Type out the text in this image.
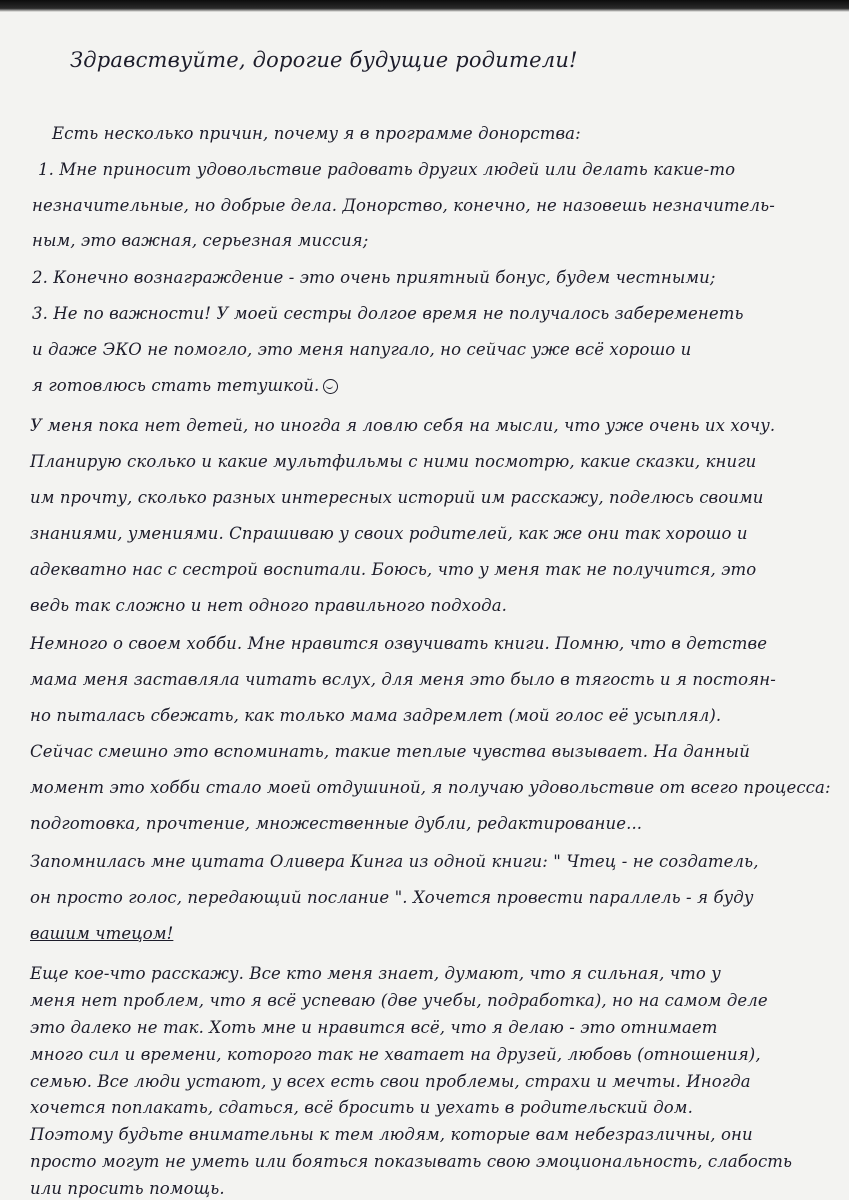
Здравствуйте, дорогие будущие родители!
Есть несколько причин, почему я в программе донорства:
1. Мне приносит удовольствие радовать других людей или делать какие-то
незначительные, но добрые дела. Донорство, конечно, не назовешь незначитель-
ным, это важная, серьезная миссия;
2. Конечно вознаграждение - это очень приятный бонус, будем честными;
3. Не по важности! У моей сестры долгое время не получалось забеременеть
и даже ЭКО не помогло, это меня напугало, но сейчас уже всё хорошо и
я готовлюсь стать тетушкой.
У меня пока нет детей, но иногда я ловлю себя на мысли, что уже очень их хочу.
Планирую сколько и какие мультфильмы с ними посмотрю, какие сказки, книги
им прочту, сколько разных интересных историй им расскажу, поделюсь своими
знаниями, умениями. Спрашиваю у своих родителей, как же они так хорошо и
адекватно нас с сестрой воспитали. Боюсь, что у меня так не получится, это
ведь так сложно и нет одного правильного подхода.
Немного о своем хобби. Мне нравится озвучивать книги. Помню, что в детстве
мама меня заставляла читать вслух, для меня это было в тягость и я постоян-
но пыталась сбежать, как только мама задремлет (мой голос её усыплял).
Сейчас смешно это вспоминать, такие теплые чувства вызывает. На данный
момент это хобби стало моей отдушиной, я получаю удовольствие от всего процесса:
подготовка, прочтение, множественные дубли, редактирование...
Запомнилась мне цитата Оливера Кинга из одной книги: " Чтец - не создатель,
он просто голос, передающий послание ". Хочется провести параллель - я буду
вашим чтецом!
Еще кое-что расскажу. Все кто меня знает, думают, что я сильная, что у
меня нет проблем, что я всё успеваю (две учебы, подработка), но на самом деле
это далеко не так. Хоть мне и нравится всё, что я делаю - это отнимает
много сил и времени, которого так не хватает на друзей, любовь (отношения),
семью. Все люди устают, у всех есть свои проблемы, страхи и мечты. Иногда
хочется поплакать, сдаться, всё бросить и уехать в родительский дом.
Поэтому будьте внимательны к тем людям, которые вам небезразличны, они
просто могут не уметь или бояться показывать свою эмоциональность, слабость
или просить помощь.
